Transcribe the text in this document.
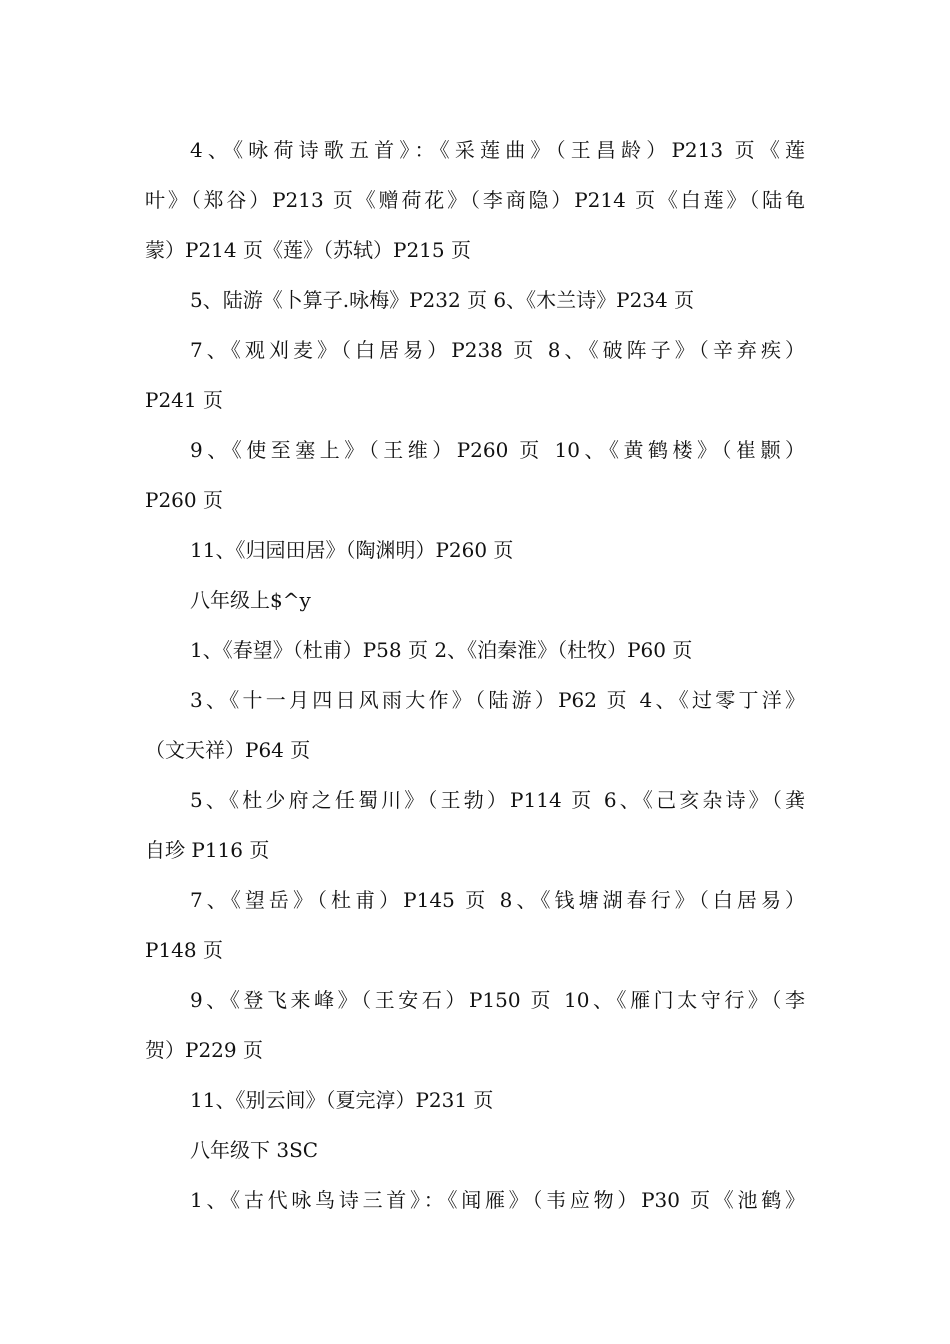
4、《咏荷诗歌五首》：《采莲曲》（王昌龄）P213 页《莲
叶》（郑谷）P213 页《赠荷花》（李商隐）P214 页《白莲》（陆龟
蒙）P214 页《莲》（苏轼）P215 页
5、陆游《卜算子.咏梅》P232 页 6、《木兰诗》P234 页
7、《观刈麦》（白居易）P238 页 8、《破阵子》（辛弃疾）
P241 页
9、《使至塞上》（王维）P260 页 10、《黄鹤楼》（崔颢）
P260 页
11、《归园田居》（陶渊明）P260 页
八年级上$^y
1、《春望》（杜甫）P58 页 2、《泊秦淮》（杜牧）P60 页
3、《十一月四日风雨大作》（陆游）P62 页 4、《过零丁洋》
（文天祥）P64 页
5、《杜少府之任蜀川》（王勃）P114 页 6、《己亥杂诗》（龚
自珍 P116 页
7、《望岳》（杜甫）P145 页 8、《钱塘湖春行》（白居易）
P148 页
9、《登飞来峰》（王安石）P150 页 10、《雁门太守行》（李
贺）P229 页
11、《别云间》（夏完淳）P231 页
八年级下 3SC
1、《古代咏鸟诗三首》：《闻雁》（韦应物）P30 页《池鹤》
